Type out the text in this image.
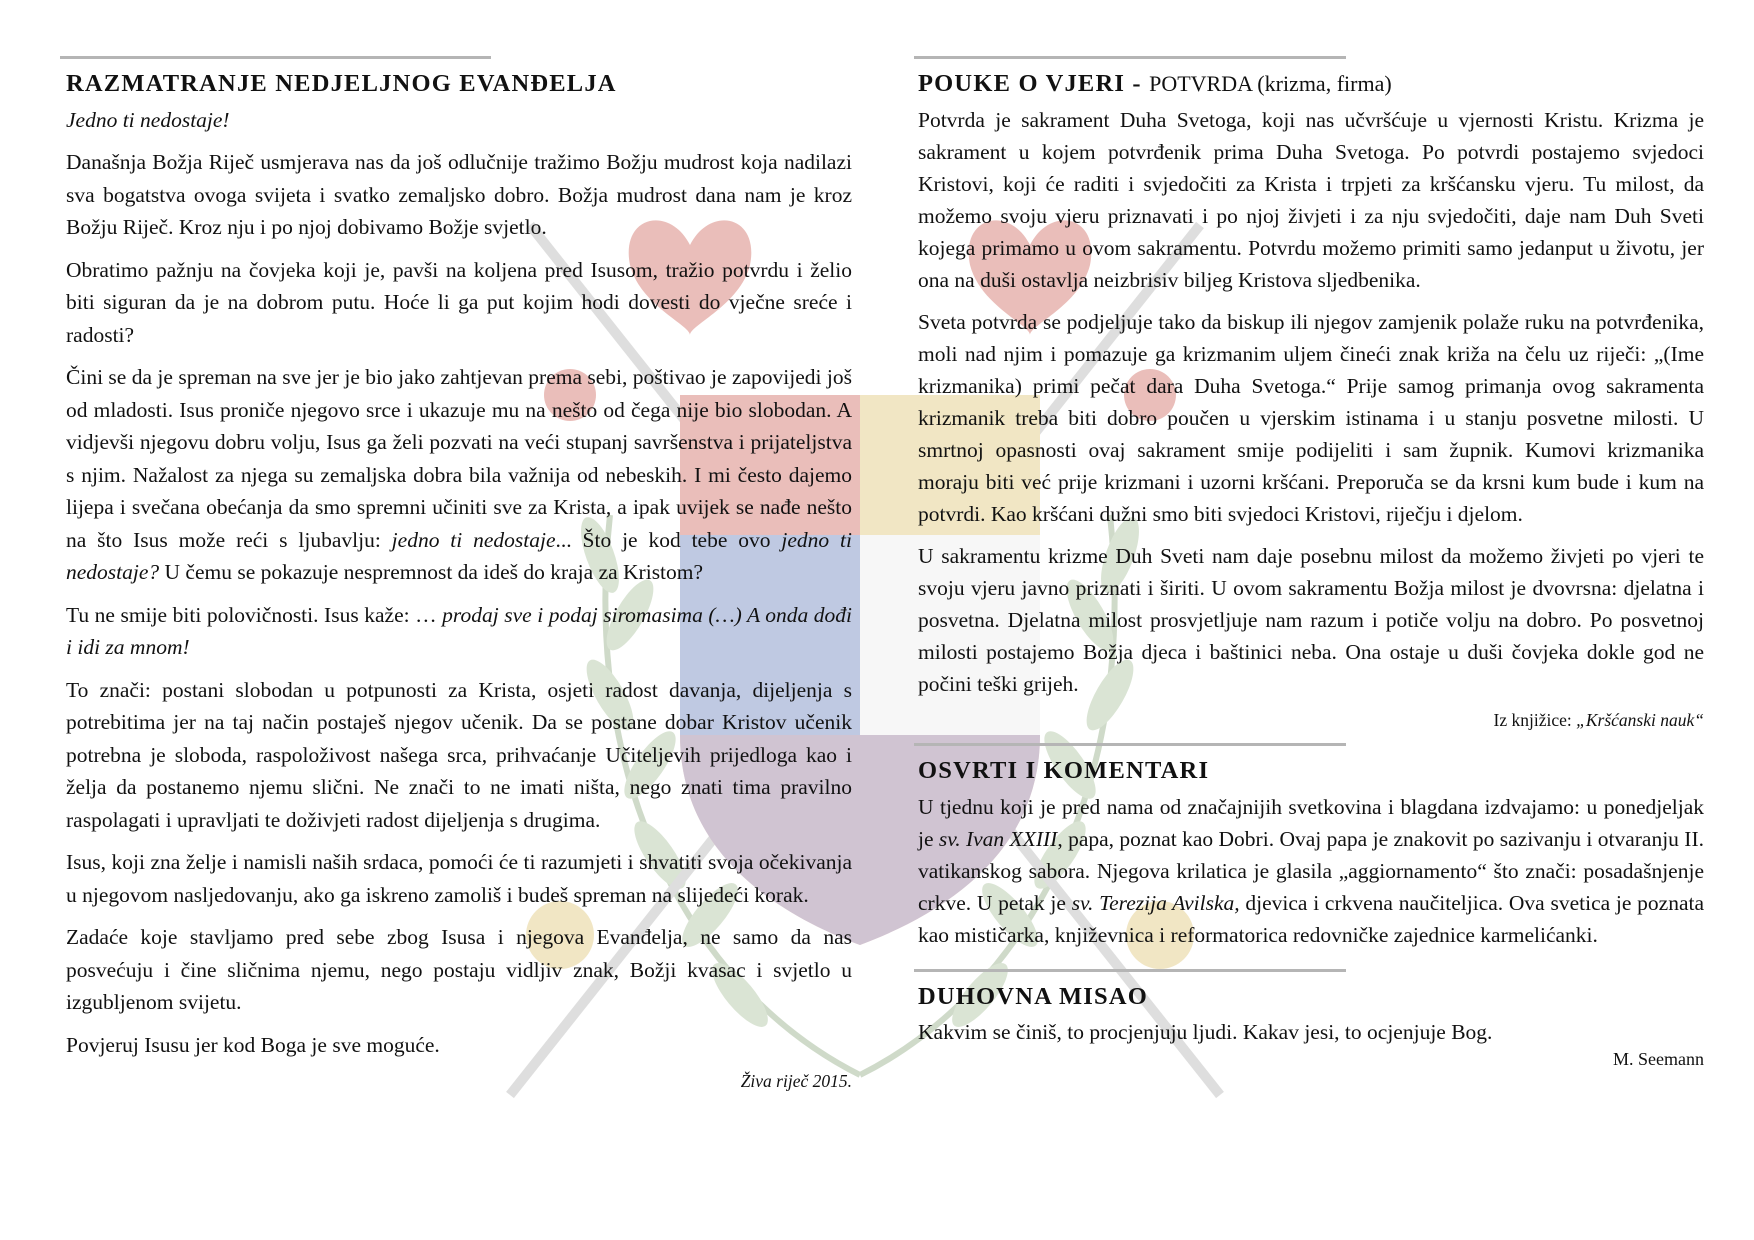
RAZMATRANJE NEDJELJNOG EVANĐELJA
Jedno ti nedostaje!

Današnja Božja Riječ usmjerava nas da još odlučnije tražimo Božju mudrost koja nadilazi sva bogatstva ovoga svijeta i svatko zemaljsko dobro. Božja mudrost dana nam je kroz Božju Riječ. Kroz nju i po njoj dobivamo Božje svjetlo.

Obratimo pažnju na čovjeka koji je, pavši na koljena pred Isusom, tražio potvrdu i želio biti siguran da je na dobrom putu. Hoće li ga put kojim hodi dovesti do vječne sreće i radosti?

Čini se da je spreman na sve jer je bio jako zahtjevan prema sebi, poštivao je zapovijedi još od mladosti. Isus proniče njegovo srce i ukazuje mu na nešto od čega nije bio slobodan. A vidjevši njegovu dobru volju, Isus ga želi pozvati na veći stupanj savršenstva i prijateljstva s njim. Nažalost za njega su zemaljska dobra bila važnija od nebeskih. I mi često dajemo lijepa i svečana obećanja da smo spremni učiniti sve za Krista, a ipak uvijek se nađe nešto na što Isus može reći s ljubavlju: jedno ti nedostaje... Što je kod tebe ovo jedno ti nedostaje? U čemu se pokazuje nespremnost da ideš do kraja za Kristom?

Tu ne smije biti polovičnosti. Isus kaže: … prodaj sve i podaj siromasima (…) A onda dođi i idi za mnom!

To znači: postani slobodan u potpunosti za Krista, osjeti radost davanja, dijeljenja s potrebitima jer na taj način postaješ njegov učenik. Da se postane dobar Kristov učenik potrebna je sloboda, raspoloživost našega srca, prihvaćanje Učiteljevih prijedloga kao i želja da postanemo njemu slični. Ne znači to ne imati ništa, nego znati tima pravilno raspolagati i upravljati te doživjeti radost dijeljenja s drugima.

Isus, koji zna želje i namisli naših srdaca, pomoći će ti razumjeti i shvatiti svoja očekivanja u njegovom nasljedovanju, ako ga iskreno zamoliš i budeš spreman na slijedeći korak.

Zadaće koje stavljamo pred sebe zbog Isusa i njegova Evanđelja, ne samo da nas posvećuju i čine sličnima njemu, nego postaju vidljiv znak, Božji kvasac i svjetlo u izgubljenom svijetu.

Povjeruj Isusu jer kod Boga je sve moguće.

Živa riječ 2015.
POUKE O VJERI - POTVRDA (krizma, firma)

Potvrda je sakrament Duha Svetoga, koji nas učvršćuje u vjernosti Kristu. Krizma je sakrament u kojem potvrđenik prima Duha Svetoga. Po potvrdi postajemo svjedoci Kristovi, koji će raditi i svjedočiti za Krista i trpjeti za kršćansku vjeru. Tu milost, da možemo svoju vjeru priznavati i po njoj živjeti i za nju svjedočiti, daje nam Duh Sveti kojega primamo u ovom sakramentu. Potvrdu možemo primiti samo jedanput u životu, jer ona na duši ostavlja neizbrisiv biljeg Kristova sljedbenika.

Sveta potvrda se podjeljuje tako da biskup ili njegov zamjenik polaže ruku na potvrđenika, moli nad njim i pomazuje ga krizmanim uljem čineći znak križa na čelu uz riječi: „(Ime krizmanika) primi pečat dara Duha Svetoga.“ Prije samog primanja ovog sakramenta krizmanik treba biti dobro poučen u vjerskim istinama i u stanju posvetne milosti. U smrtnoj opasnosti ovaj sakrament smije podijeliti i sam župnik. Kumovi krizmanika moraju biti već prije krizmani i uzorni kršćani. Preporuča se da krsni kum bude i kum na potvrdi. Kao kršćani dužni smo biti svjedoci Kristovi, riječju i djelom.

U sakramentu krizme Duh Sveti nam daje posebnu milost da možemo živjeti po vjeri te svoju vjeru javno priznati i širiti. U ovom sakramentu Božja milost je dvovrsna: djelatna i posvetna. Djelatna milost prosvjetljuje nam razum i potiče volju na dobro. Po posvetnoj milosti postajemo Božja djeca i baštinici neba. Ona ostaje u duši čovjeka dokle god ne počini teški grijeh.

Iz knjižice: „Kršćanski nauk“
OSVRTI I KOMENTARI

U tjednu koji je pred nama od značajnijih svetkovina i blagdana izdvajamo: u ponedjeljak je sv. Ivan XXIII, papa, poznat kao Dobri. Ovaj papa je znakovit po sazivanju i otvaranju II. vatikanskog sabora. Njegova krilatica je glasila „aggiornamento“ što znači: posadašnjenje crkve. U petak je sv. Terezija Avilska, djevica i crkvena naučiteljica. Ova svetica je poznata kao mističarka, književnica i reformatorica redovničke zajednice karmelićanki.

DUHOVNA MISAO
Kakvim se činiš, to procjenjuju ljudi. Kakav jesi, to ocjenjuje Bog.
M. Seemann
